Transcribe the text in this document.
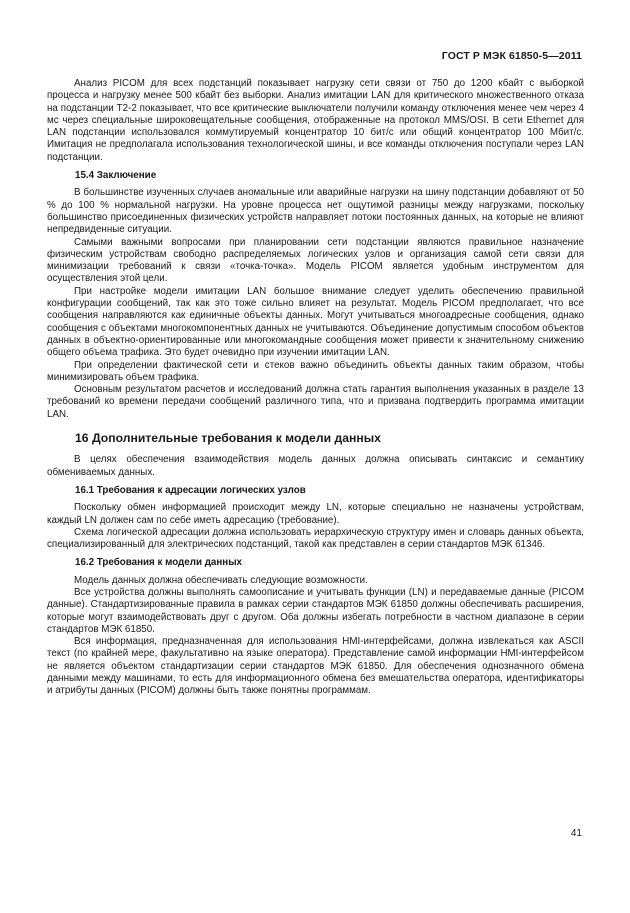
ГОСТ Р МЭК 61850-5—2011

Анализ PICOM для всех подстанций показывает нагрузку сети связи от 750 до 1200 кбайт с выборкой процесса и нагрузку менее 500 кбайт без выборки. Анализ имитации LAN для критического множественного отказа на подстанции Т2-2 показывает, что все критические выключатели получили команду отключения менее чем через 4 мс через специальные широковещательные сообщения, отображенные на протокол MMS/OSI. В сети Ethernet для LAN подстанции использовался коммутируемый концентратор 10 бит/с или общий концентратор 100 Мбит/с. Имитация не предполагала использования технологической шины, и все команды отключения поступали через LAN подстанции.

15.4 Заключение

В большинстве изученных случаев аномальные или аварийные нагрузки на шину подстанции добавляют от 50 % до 100 % нормальной нагрузки. На уровне процесса нет ощутимой разницы между нагрузками, поскольку большинство присоединенных физических устройств направляет потоки постоянных данных, на которые не влияют непредвиденные ситуации.

Самыми важными вопросами при планировании сети подстанции являются правильное назначение физическим устройствам свободно распределяемых логических узлов и организация самой сети связи для минимизации требований к связи «точка-точка». Модель PICOM является удобным инструментом для осуществления этой цели.

При настройке модели имитации LAN большое внимание следует уделить обеспечению правильной конфигурации сообщений, так как это тоже сильно влияет на результат. Модель PICOM предполагает, что все сообщения направляются как единичные объекты данных. Могут учитываться многоадресные сообщения, однако сообщения с объектами многокомпонентных данных не учитываются. Объединение допустимым способом объектов данных в объектно-ориентированные или многокомандные сообщения может привести к значительному снижению общего объема трафика. Это будет очевидно при изучении имитации LAN.

При определении фактической сети и стеков важно объединить объекты данных таким образом, чтобы минимизировать объем трафика.

Основным результатом расчетов и исследований должна стать гарантия выполнения указанных в разделе 13 требований ко времени передачи сообщений различного типа, что и призвана подтвердить программа имитации LAN.

16 Дополнительные требования к модели данных

В целях обеспечения взаимодействия модель данных должна описывать синтаксис и семантику обмениваемых данных.

16.1 Требования к адресации логических узлов

Поскольку обмен информацией происходит между LN, которые специально не назначены устройствам, каждый LN должен сам по себе иметь адресацию (требование).

Схема логической адресации должна использовать иерархическую структуру имен и словарь данных объекта, специализированный для электрических подстанций, такой как представлен в серии стандартов МЭК 61346.

16.2 Требования к модели данных

Модель данных должна обеспечивать следующие возможности.

Все устройства должны выполнять самоописание и учитывать функции (LN) и передаваемые данные (PICOM данные). Стандартизированные правила в рамках серии стандартов МЭК 61850 должны обеспечивать расширения, которые могут взаимодействовать друг с другом. Оба должны избегать потребности в частном диапазоне в серии стандартов МЭК 61850.

Вся информация, предназначенная для использования HMI-интерфейсами, должна извлекаться как ASCII текст (по крайней мере, факультативно на языке оператора). Представление самой информации HMI-интерфейсом не является объектом стандартизации серии стандартов МЭК 61850. Для обеспечения однозначного обмена данными между машинами, то есть для информационного обмена без вмешательства оператора, идентификаторы и атрибуты данных (PICOM) должны быть также понятны программам.

41
